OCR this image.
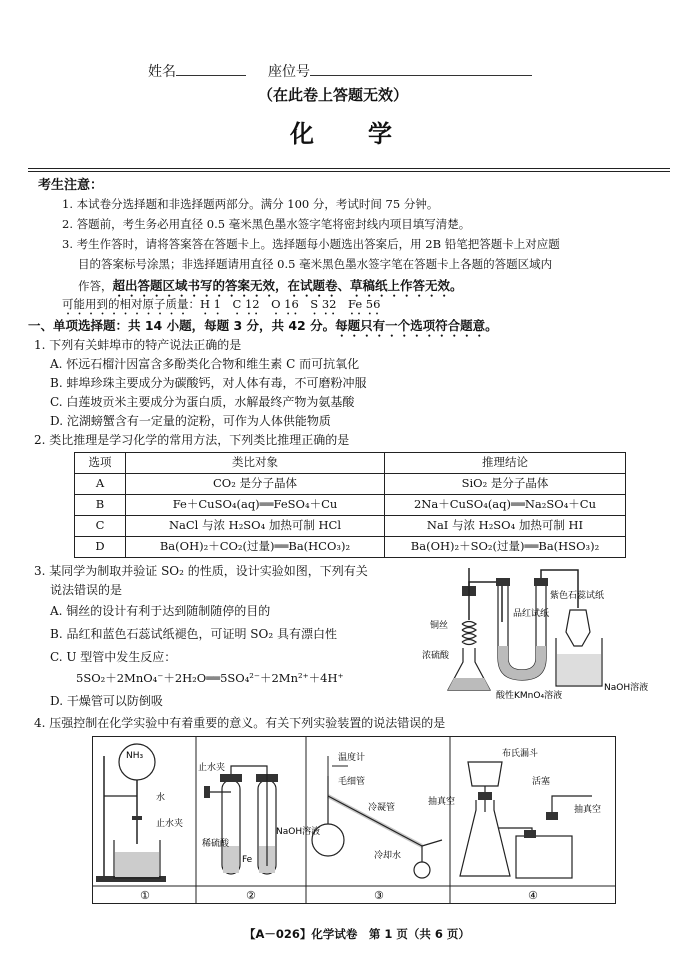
姓名	座位号
（在此卷上答题无效）
化　　学
考生注意：
1. 本试卷分选择题和非选择题两部分。满分 100 分，考试时间 75 分钟。
2. 答题前，考生务必用直径 0.5 毫米黑色墨水签字笔将密封线内项目填写清楚。
3. 考生作答时，请将答案答在答题卡上。选择题每小题选出答案后，用 2B 铅笔把答题卡上对应题
目的答案标号涂黑；非选择题请用直径 0.5 毫米黑色墨水签字笔在答题卡上各题的答题区域内
作答，超出答题区域书写的答案无效，在试题卷、草稿纸上作答无效。
可能用到的相对原子质量：H 1　C 12　O 16　S 32　Fe 56
一、单项选择题：共 14 小题，每题 3 分，共 42 分。每题只有一个选项符合题意。
1. 下列有关蚌埠市的特产说法正确的是
A. 怀远石榴汁因富含多酚类化合物和维生素 C 而可抗氧化
B. 蚌埠珍珠主要成分为碳酸钙，对人体有毒，不可磨粉冲服
C. 白莲坡贡米主要成分为蛋白质，水解最终产物为氨基酸
D. 沱湖螃蟹含有一定量的淀粉，可作为人体供能物质
2. 类比推理是学习化学的常用方法，下列类比推理正确的是
选项	类比对象	推理结论
A	CO₂ 是分子晶体	SiO₂ 是分子晶体
B	Fe＋CuSO₄(aq)══FeSO₄＋Cu	2Na＋CuSO₄(aq)══Na₂SO₄＋Cu
C	NaCl 与浓 H₂SO₄ 加热可制 HCl	NaI 与浓 H₂SO₄ 加热可制 HI
D	Ba(OH)₂＋CO₂(过量)══Ba(HCO₃)₂	Ba(OH)₂＋SO₂(过量)══Ba(HSO₃)₂
3. 某同学为制取并验证 SO₂ 的性质，设计实验如图，下列有关
说法错误的是
A. 铜丝的设计有利于达到随制随停的目的
B. 品红和蓝色石蕊试纸褪色，可证明 SO₂ 具有漂白性
C. U 型管中发生反应：
5SO₂＋2MnO₄⁻＋2H₂O══5SO₄²⁻＋2Mn²⁺＋4H⁺
D. 干燥管可以防倒吸
铜丝
浓硫酸
品红试纸
紫色石蕊试纸
酸性KMnO₄溶液
NaOH溶液
4. 压强控制在化学实验中有着重要的意义。有关下列实验装置的说法错误的是
NH₃
水
止水夹
止水夹
稀硫酸
Fe
NaOH溶液
温度计
毛细管
冷凝管
冷却水
抽真空
布氏漏斗
活塞
抽真空
①	②	③	④
【A－026】化学试卷　第 1 页（共 6 页）
